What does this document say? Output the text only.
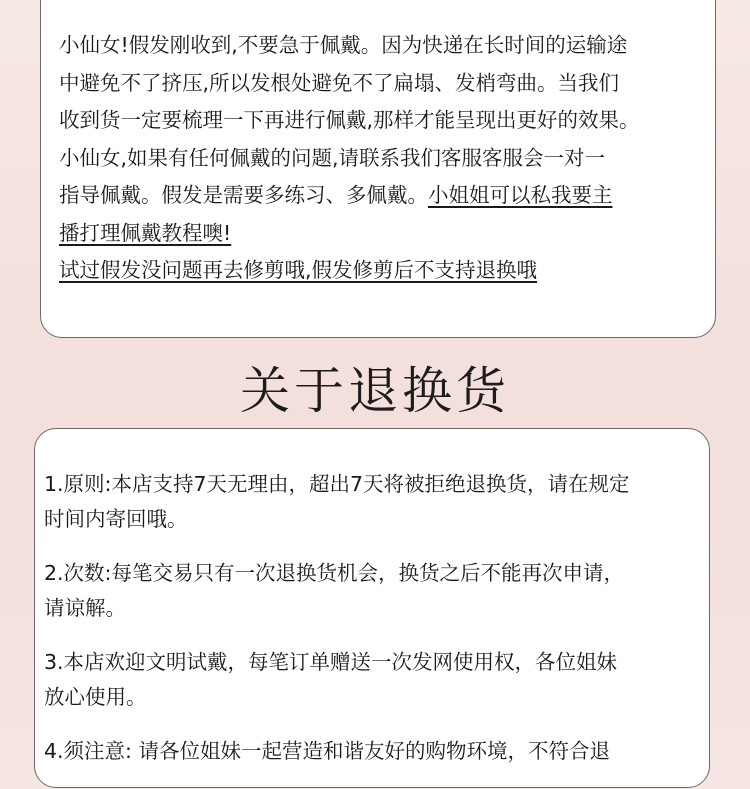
小仙女!假发刚收到,不要急于佩戴。因为快递在长时间的运输途
中避免不了挤压,所以发根处避免不了扁塌、发梢弯曲。当我们
收到货一定要梳理一下再进行佩戴,那样才能呈现出更好的效果。
小仙女,如果有任何佩戴的问题,请联系我们客服客服会一对一
指导佩戴。假发是需要多练习、多佩戴。小姐姐可以私我要主
播打理佩戴教程噢!
试过假发没问题再去修剪哦,假发修剪后不支持退换哦
关于退换货
1.原则:本店支持7天无理由，超出7天将被拒绝退换货，请在规定
时间内寄回哦。
2.次数:每笔交易只有一次退换货机会，换货之后不能再次申请，
请谅解。
3.本店欢迎文明试戴，每笔订单赠送一次发网使用权，各位姐妹
放心使用。
4.须注意: 请各位姐妹一起营造和谐友好的购物环境，不符合退
